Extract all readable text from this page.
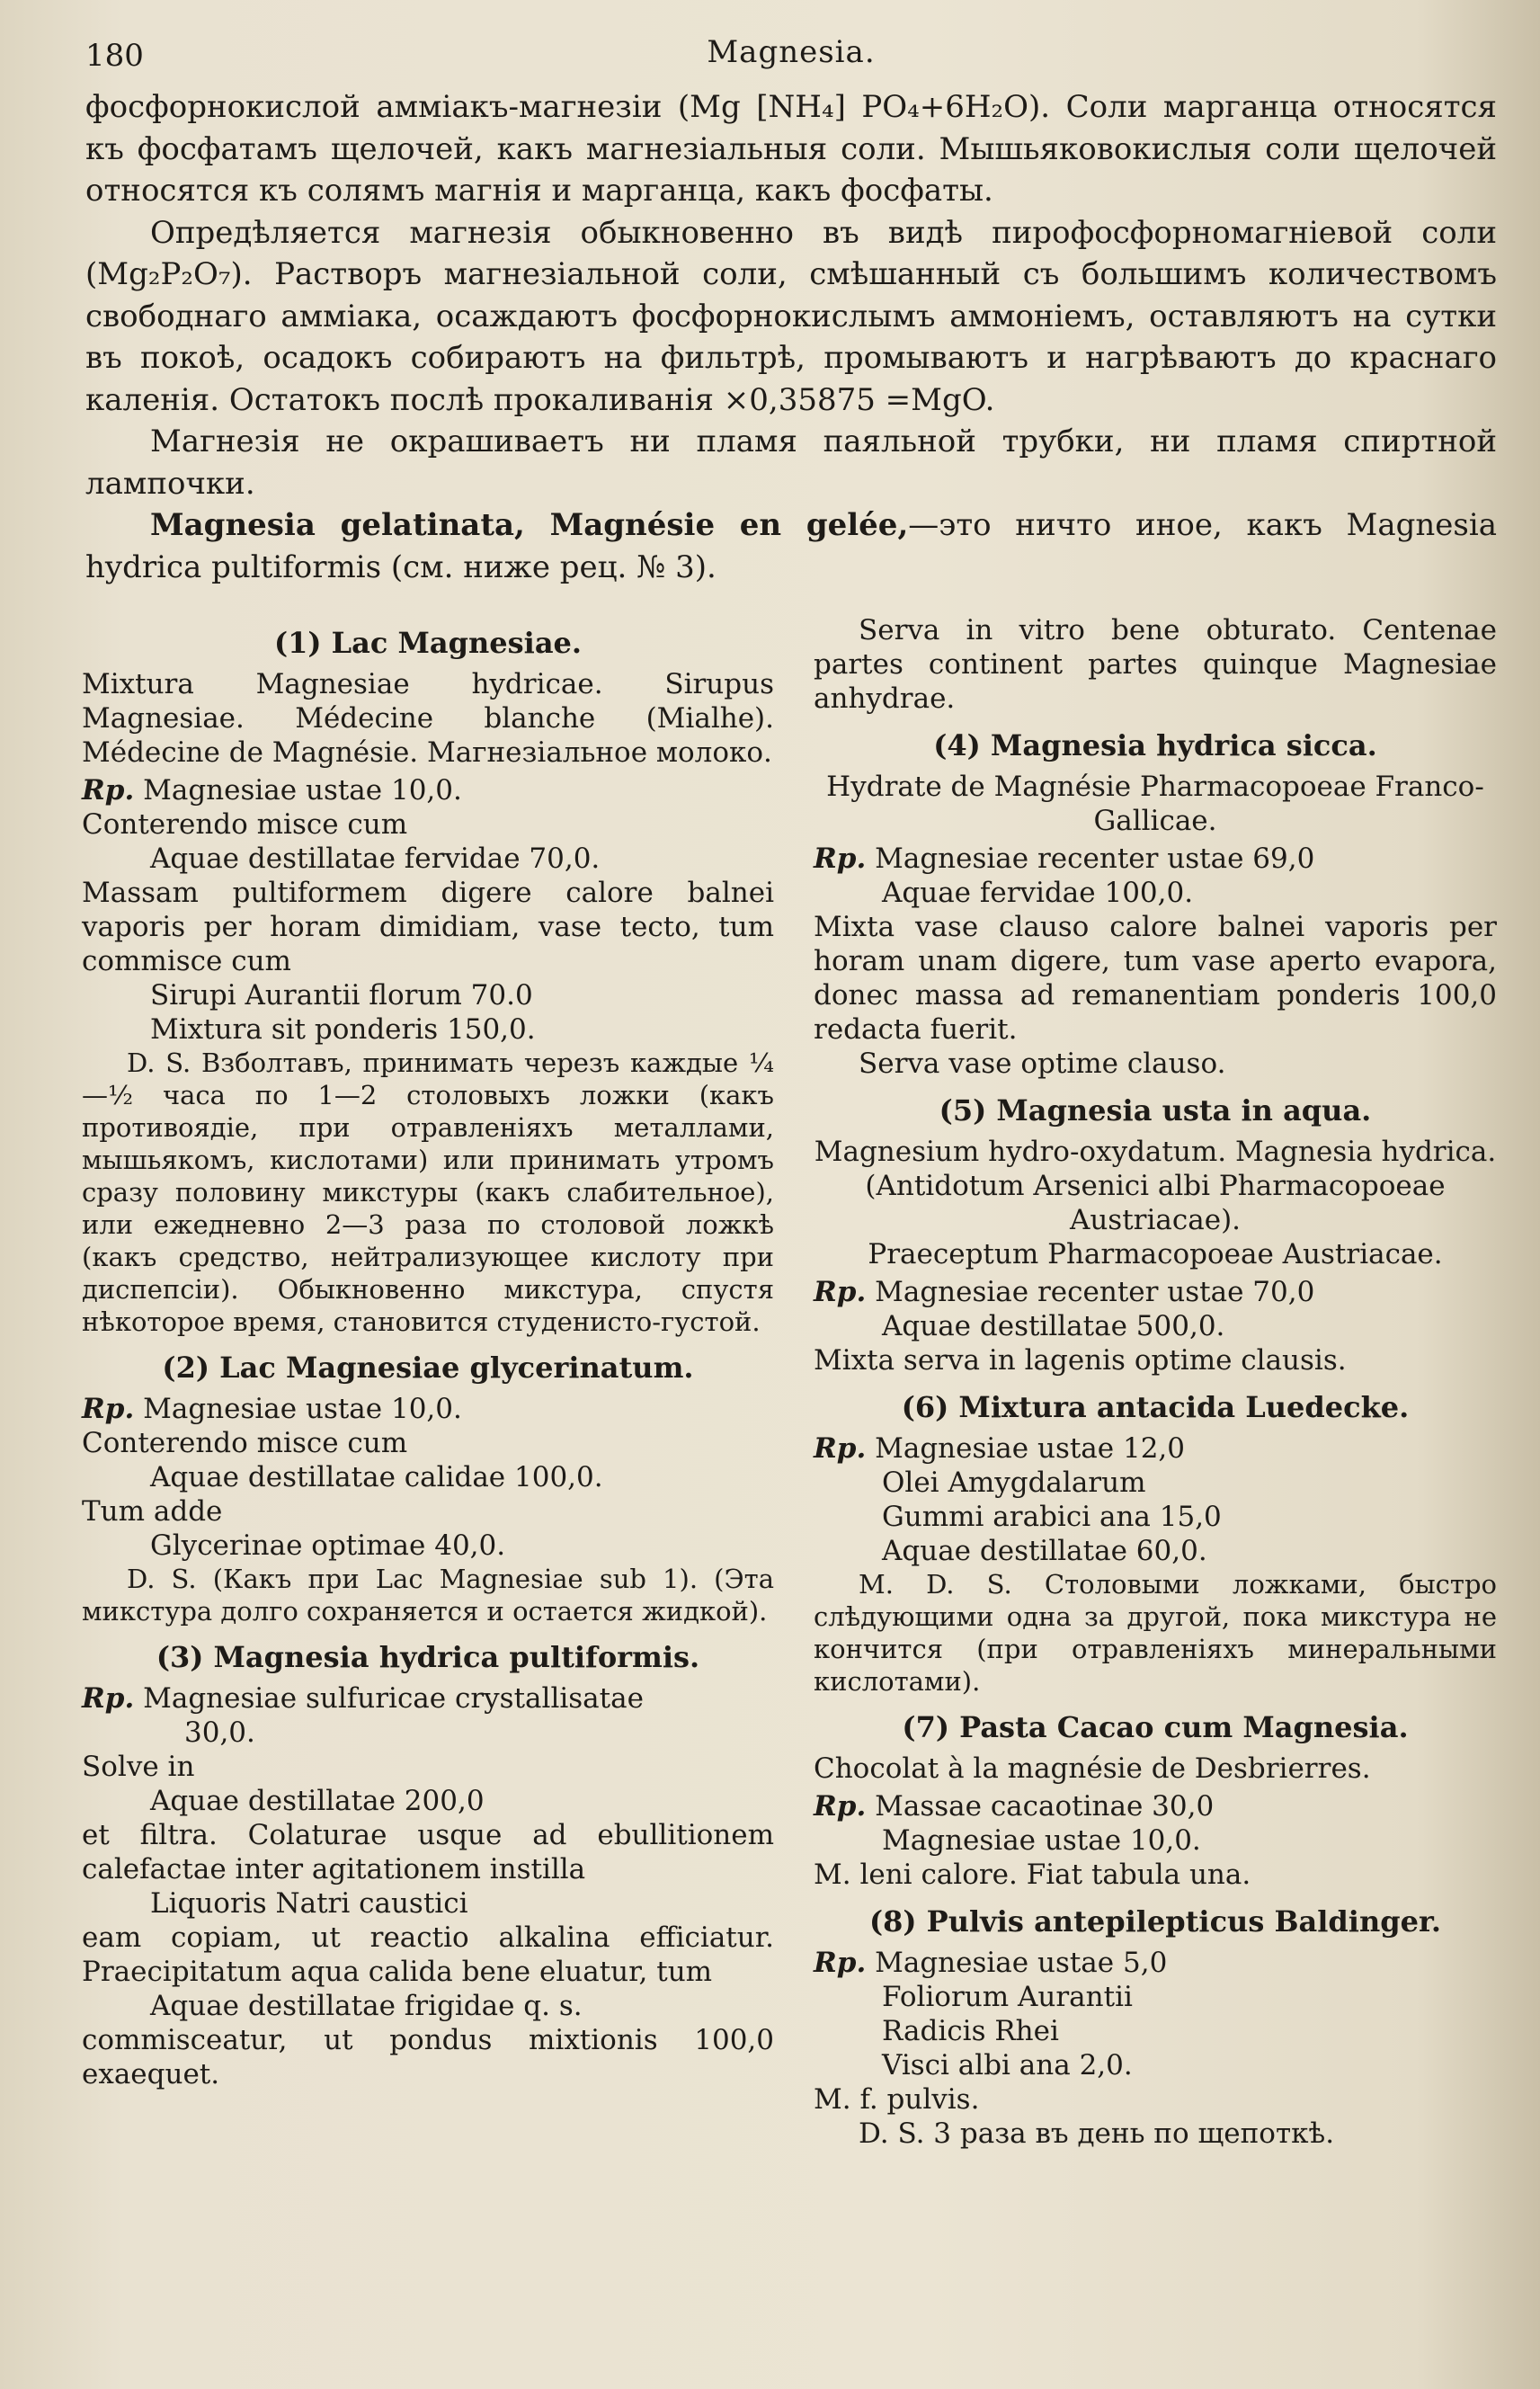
180	Magnesia.

фосфорнокислой амміакъ-магнезіи (Mg [NH₄] PO₄+6H₂O). Соли марганца относятся къ фосфатамъ щелочей, какъ магнезіальныя соли. Мышьяковокислыя соли щелочей относятся къ солямъ магнія и марганца, какъ фосфаты.

Опредѣляется магнезія обыкновенно въ видѣ пирофосфорномагніевой соли (Mg₂P₂O₇). Растворъ магнезіальной соли, смѣшанный съ большимъ количествомъ свободнаго амміака, осаждаютъ фосфорнокислымъ аммоніемъ, оставляютъ на сутки въ покоѣ, осадокъ собираютъ на фильтрѣ, промываютъ и нагрѣваютъ до краснаго каленія. Остатокъ послѣ прокаливанія ×0,35875 =MgO.

Магнезія не окрашиваетъ ни пламя паяльной трубки, ни пламя спиртной лампочки.

Magnesia gelatinata, Magnésie en gelée,—это ничто иное, какъ Magnesia hydrica pultiformis (см. ниже рец. № 3).

(1) Lac Magnesiae.

Mixtura Magnesiae hydricae. Sirupus Magnesiae. Médecine blanche (Mialhe). Médecine de Magnésie. Магнезіальное молоко.

Rp. Magnesiae ustae 10,0.

Conterendo misce cum

Aquae destillatae fervidae 70,0.

Massam pultiformem digere calore balnei vaporis per horam dimidiam, vase tecto, tum commisce cum

Sirupi Aurantii florum 70.0

Mixtura sit ponderis 150,0.

D. S. Взболтавъ, принимать черезъ каждые ¼—½ часа по 1—2 столовыхъ ложки (какъ противоядіе, при отравленіяхъ металлами, мышьякомъ, кислотами) или принимать утромъ сразу половину микстуры (какъ слабительное), или ежедневно 2—3 раза по столовой ложкѣ (какъ средство, нейтрализующее кислоту при диспепсіи). Обыкновенно микстура, спустя нѣкоторое время, становится студенисто-густой.

(2) Lac Magnesiae glycerinatum.

Rp. Magnesiae ustae 10,0.

Conterendo misce cum

Aquae destillatae calidae 100,0.

Tum adde

Glycerinae optimae 40,0.

D. S. (Какъ при Lac Magnesiae sub 1). (Эта микстура долго сохраняется и остается жидкой).

(3) Magnesia hydrica pultiformis.

Rp. Magnesiae sulfuricae crystallisatae

30,0.

Solve in

Aquae destillatae 200,0

et filtra. Colaturae usque ad ebullitionem calefactae inter agitationem instilla

Liquoris Natri caustici

eam copiam, ut reactio alkalina efficiatur. Praecipitatum aqua calida bene eluatur, tum

Aquae destillatae frigidae q. s.

commisceatur, ut pondus mixtionis 100,0 exaequet.

Serva in vitro bene obturato. Centenae partes continent partes quinque Magnesiae anhydrae.

(4) Magnesia hydrica sicca.

Hydrate de Magnésie Pharmacopoeae Franco-Gallicae.

Rp. Magnesiae recenter ustae 69,0

Aquae fervidae 100,0.

Mixta vase clauso calore balnei vaporis per horam unam digere, tum vase aperto evapora, donec massa ad remanentiam ponderis 100,0 redacta fuerit.

Serva vase optime clauso.

(5) Magnesia usta in aqua.

Magnesium hydro-oxydatum. Magnesia hydrica. (Antidotum Arsenici albi Pharmacopoeae Austriacae).

Praeceptum Pharmacopoeae Austriacae.

Rp. Magnesiae recenter ustae 70,0

Aquae destillatae 500,0.

Mixta serva in lagenis optime clausis.

(6) Mixtura antacida Luedecke.

Rp. Magnesiae ustae 12,0

Olei Amygdalarum

Gummi arabici ana 15,0

Aquae destillatae 60,0.

M. D. S. Столовыми ложками, быстро слѣдующими одна за другой, пока микстура не кончится (при отравленіяхъ минеральными кислотами).

(7) Pasta Cacao cum Magnesia.

Chocolat à la magnésie de Desbrierres.

Rp. Massae cacaotinae 30,0

Magnesiae ustae 10,0.

M. leni calore. Fiat tabula una.

(8) Pulvis antepilepticus Baldinger.

Rp. Magnesiae ustae 5,0

Foliorum Aurantii

Radicis Rhei

Visci albi ana 2,0.

M. f. pulvis.

D. S. 3 раза въ день по щепоткѣ.
